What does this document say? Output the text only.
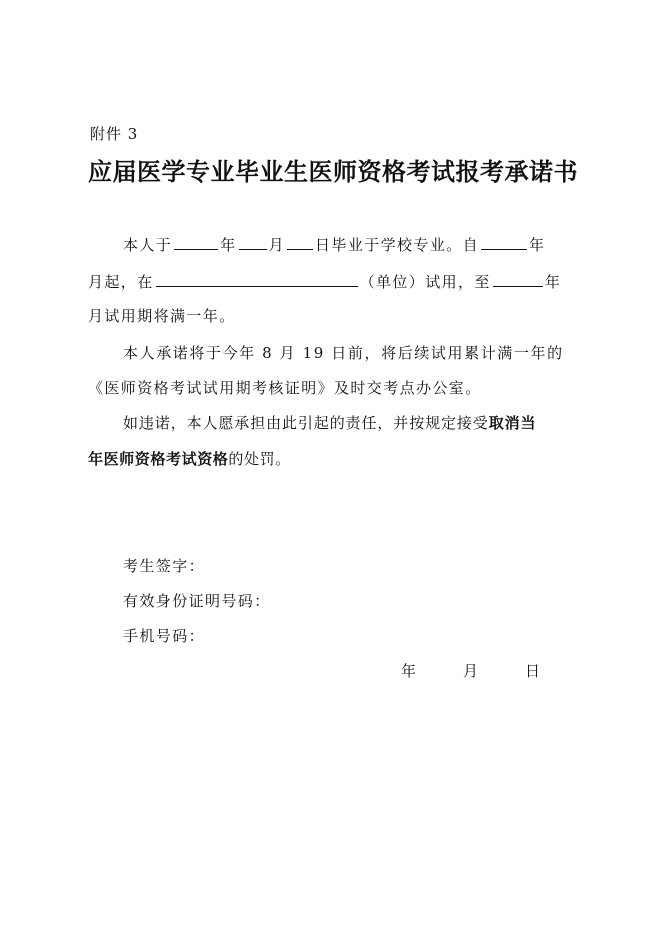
附件 3
应届医学专业毕业生医师资格考试报考承诺书
本人于	年 月 日毕业于学校专业。自	年
月起，在	（单位）试用，至	年
月试用期将满一年。
本人承诺将于今年 8 月 19 日前，将后续试用累计满一年的
《医师资格考试试用期考核证明》及时交考点办公室。
如违诺，本人愿承担由此引起的责任，并按规定接受取消当
年医师资格考试资格的处罚。
考生签字：
有效身份证明号码：
手机号码：
年	月	日
